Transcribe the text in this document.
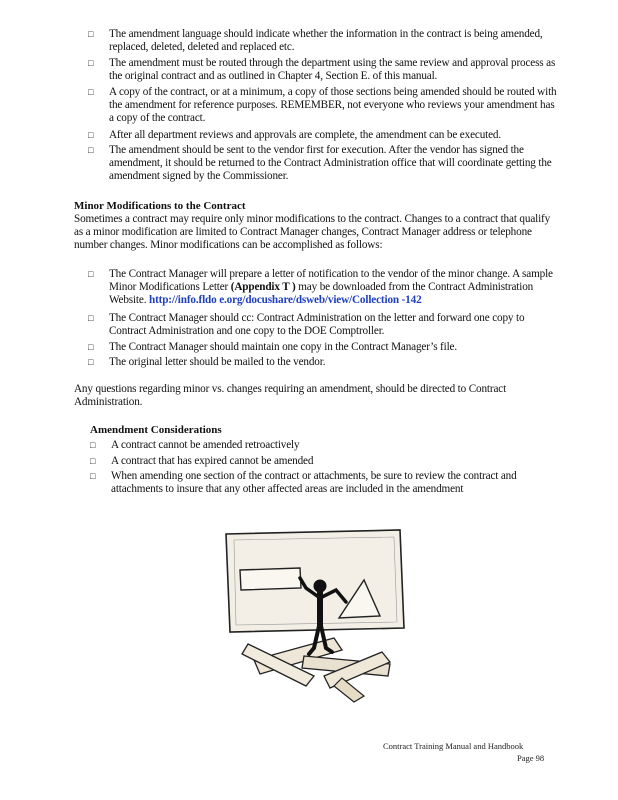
□ The amendment language should indicate whether the information in the contract is being amended, replaced, deleted, deleted and replaced etc.
□ The amendment must be routed through the department using the same review and approval process as the original contract and as outlined in Chapter 4, Section E. of this manual.
□ A copy of the contract, or at a minimum, a copy of those sections being amended should be routed with the amendment for reference purposes. REMEMBER, not everyone who reviews your amendment has a copy of the contract.
□ After all department reviews and approvals are complete, the amendment can be executed.
□ The amendment should be sent to the vendor first for execution. After the vendor has signed the amendment, it should be returned to the Contract Administration office that will coordinate getting the amendment signed by the Commissioner.
Minor Modifications to the Contract
Sometimes a contract may require only minor modifications to the contract. Changes to a contract that qualify as a minor modification are limited to Contract Manager changes, Contract Manager address or telephone number changes. Minor modifications can be accomplished as follows:
□ The Contract Manager will prepare a letter of notification to the vendor of the minor change. A sample Minor Modifications Letter (Appendix T ) may be downloaded from the Contract Administration Website. http://info.fldo e.org/docushare/dsweb/view/Collection -142
□ The Contract Manager should cc: Contract Administration on the letter and forward one copy to Contract Administration and one copy to the DOE Comptroller.
□ The Contract Manager should maintain one copy in the Contract Manager’s file.
□ The original letter should be mailed to the vendor.
Any questions regarding minor vs. changes requiring an amendment, should be directed to Contract Administration.
Amendment Considerations
□ A contract cannot be amended retroactively
□ A contract that has expired cannot be amended
□ When amending one section of the contract or attachments, be sure to review the contract and attachments to insure that any other affected areas are included in the amendment
Contract Training Manual and Handbook
Page 98
